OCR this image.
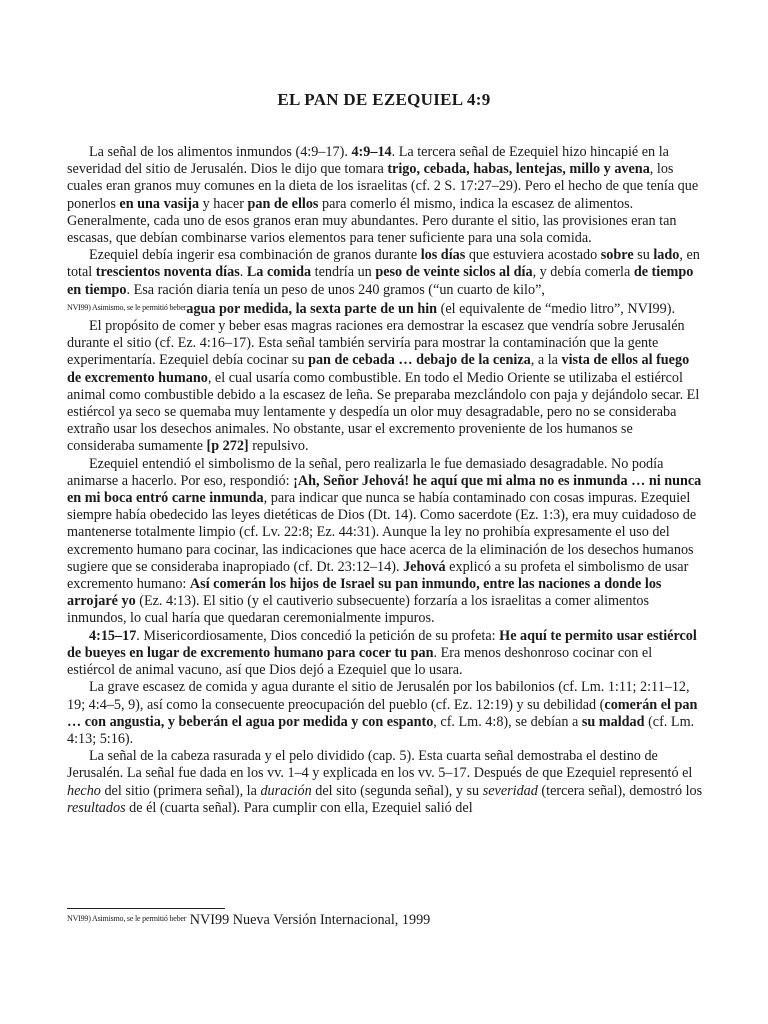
EL PAN DE EZEQUIEL 4:9

La señal de los alimentos inmundos (4:9–17). 4:9–14. La tercera señal de Ezequiel hizo hincapié en la severidad del sitio de Jerusalén. Dios le dijo que tomara trigo, cebada, habas, lentejas, millo y avena, los cuales eran granos muy comunes en la dieta de los israelitas (cf. 2 S. 17:27–29). Pero el hecho de que tenía que ponerlos en una vasija y hacer pan de ellos para comerlo él mismo, indica la escasez de alimentos. Generalmente, cada uno de esos granos eran muy abundantes. Pero durante el sitio, las provisiones eran tan escasas, que debían combinarse varios elementos para tener suficiente para una sola comida.

Ezequiel debía ingerir esa combinación de granos durante los días que estuviera acostado sobre su lado, en total trescientos noventa días. La comida tendría un peso de veinte siclos al día, y debía comerla de tiempo en tiempo. Esa ración diaria tenía un peso de unos 240 gramos (“un cuarto de kilo”,
$^{NVI99) Asimismo, se le permitió beber}$agua por medida, la sexta parte de un hin (el equivalente de “medio litro”, NVI99).

El propósito de comer y beber esas magras raciones era demostrar la escasez que vendría sobre Jerusalén durante el sitio (cf. Ez. 4:16–17). Esta señal también serviría para mostrar la contaminación que la gente experimentaría. Ezequiel debía cocinar su pan de cebada … debajo de la ceniza, a la vista de ellos al fuego de excremento humano, el cual usaría como combustible. En todo el Medio Oriente se utilizaba el estiércol animal como combustible debido a la escasez de leña. Se preparaba mezclándolo con paja y dejándolo secar. El estiércol ya seco se quemaba muy lentamente y despedía un olor muy desagradable, pero no se consideraba extraño usar los desechos animales. No obstante, usar el excremento proveniente de los humanos se consideraba sumamente [p 272] repulsivo.

Ezequiel entendió el simbolismo de la señal, pero realizarla le fue demasiado desagradable. No podía animarse a hacerlo. Por eso, respondió: ¡Ah, Señor Jehová! he aquí que mi alma no es inmunda … ni nunca en mi boca entró carne inmunda, para indicar que nunca se había contaminado con cosas impuras. Ezequiel siempre había obedecido las leyes dietéticas de Dios (Dt. 14). Como sacerdote (Ez. 1:3), era muy cuidadoso de mantenerse totalmente limpio (cf. Lv. 22:8; Ez. 44:31). Aunque la ley no prohibía expresamente el uso del excremento humano para cocinar, las indicaciones que hace acerca de la eliminación de los desechos humanos sugiere que se consideraba inapropiado (cf. Dt. 23:12–14). Jehová explicó a su profeta el simbolismo de usar excremento humano: Así comerán los hijos de Israel su pan inmundo, entre las naciones a donde los arrojaré yo (Ez. 4:13). El sitio (y el cautiverio subsecuente) forzaría a los israelitas a comer alimentos inmundos, lo cual haría que quedaran ceremonialmente impuros.

4:15–17. Misericordiosamente, Dios concedió la petición de su profeta: He aquí te permito usar estiércol de bueyes en lugar de excremento humano para cocer tu pan. Era menos deshonroso cocinar con el estiércol de animal vacuno, así que Dios dejó a Ezequiel que lo usara.

La grave escasez de comida y agua durante el sitio de Jerusalén por los babilonios (cf. Lm. 1:11; 2:11–12, 19; 4:4–5, 9), así como la consecuente preocupación del pueblo (cf. Ez. 12:19) y su debilidad (comerán el pan … con angustia, y beberán el agua por medida y con espanto, cf. Lm. 4:8), se debían a su maldad (cf. Lm. 4:13; 5:16).

La señal de la cabeza rasurada y el pelo dividido (cap. 5). Esta cuarta señal demostraba el destino de Jerusalén. La señal fue dada en los vv. 1–4 y explicada en los vv. 5–17. Después de que Ezequiel representó el hecho del sitio (primera señal), la duración del sito (segunda señal), y su severidad (tercera señal), demostró los resultados de él (cuarta señal). Para cumplir con ella, Ezequiel salió del

$^{NVI99) Asimismo, se le permitió beber}$ NVI99 Nueva Versión Internacional, 1999
